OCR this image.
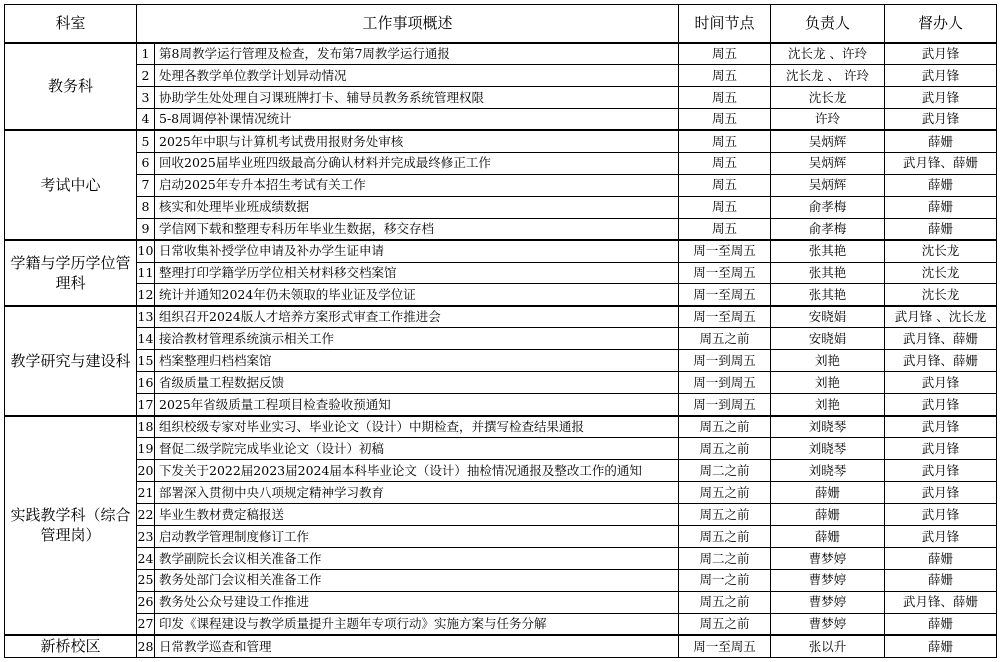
科室	工作事项概述		时间节点	负责人	督办人
教务科	1	第8周教学运行管理及检查，发布第7周教学运行通报	周五	沈长龙 、许玲	武月锋
	2	处理各教学单位教学计划异动情况	周五	沈长龙 、 许玲	武月锋
	3	协助学生处处理自习课班牌打卡、辅导员教务系统管理权限	周五	沈长龙	武月锋
	4	5-8周调停补课情况统计	周五	许玲	武月锋
考试中心	5	2025年中职与计算机考试费用报财务处审核	周五	吴炳辉	薛姗
	6	回收2025届毕业班四级最高分确认材料并完成最终修正工作	周五	吴炳辉	武月锋、薛姗
	7	启动2025年专升本招生考试有关工作	周五	吴炳辉	薛姗
	8	核实和处理毕业班成绩数据	周五	俞孝梅	薛姗
	9	学信网下载和整理专科历年毕业生数据，移交存档	周五	俞孝梅	薛姗
学籍与学历学位管理科	10	日常收集补授学位申请及补办学生证申请	周一至周五	张其艳	沈长龙
	11	整理打印学籍学历学位相关材料移交档案馆	周一至周五	张其艳	沈长龙
	12	统计并通知2024年仍未领取的毕业证及学位证	周一至周五	张其艳	沈长龙
教学研究与建设科	13	组织召开2024版人才培养方案形式审查工作推进会	周一至周五	安晓娟	武月锋 、沈长龙
	14	接洽教材管理系统演示相关工作	周五之前	安晓娟	武月锋、薛姗
	15	档案整理归档档案馆	周一到周五	刘艳	武月锋、薛姗
	16	省级质量工程数据反馈	周一到周五	刘艳	武月锋
	17	2025年省级质量工程项目检查验收预通知	周一到周五	刘艳	武月锋
实践教学科（综合管理岗）	18	组织校级专家对毕业实习、毕业论文（设计）中期检查，并撰写检查结果通报	周五之前	刘晓琴	武月锋
	19	督促二级学院完成毕业论文（设计）初稿	周五之前	刘晓琴	武月锋
	20	下发关于2022届2023届2024届本科毕业论文（设计）抽检情况通报及整改工作的通知	周二之前	刘晓琴	武月锋
	21	部署深入贯彻中央八项规定精神学习教育	周五之前	薛姗	武月锋
	22	毕业生教材费定稿报送	周五之前	薛姗	武月锋
	23	启动教学管理制度修订工作	周五之前	薛姗	武月锋
	24	教学副院长会议相关准备工作	周二之前	曹梦婷	薛姗
	25	教务处部门会议相关准备工作	周一之前	曹梦婷	薛姗
	26	教务处公众号建设工作推进	周五之前	曹梦婷	武月锋、薛姗
	27	印发《课程建设与教学质量提升主题年专项行动》实施方案与任务分解	周五之前	曹梦婷	薛姗
新桥校区	28	日常教学巡查和管理	周一至周五	张以升	薛姗
